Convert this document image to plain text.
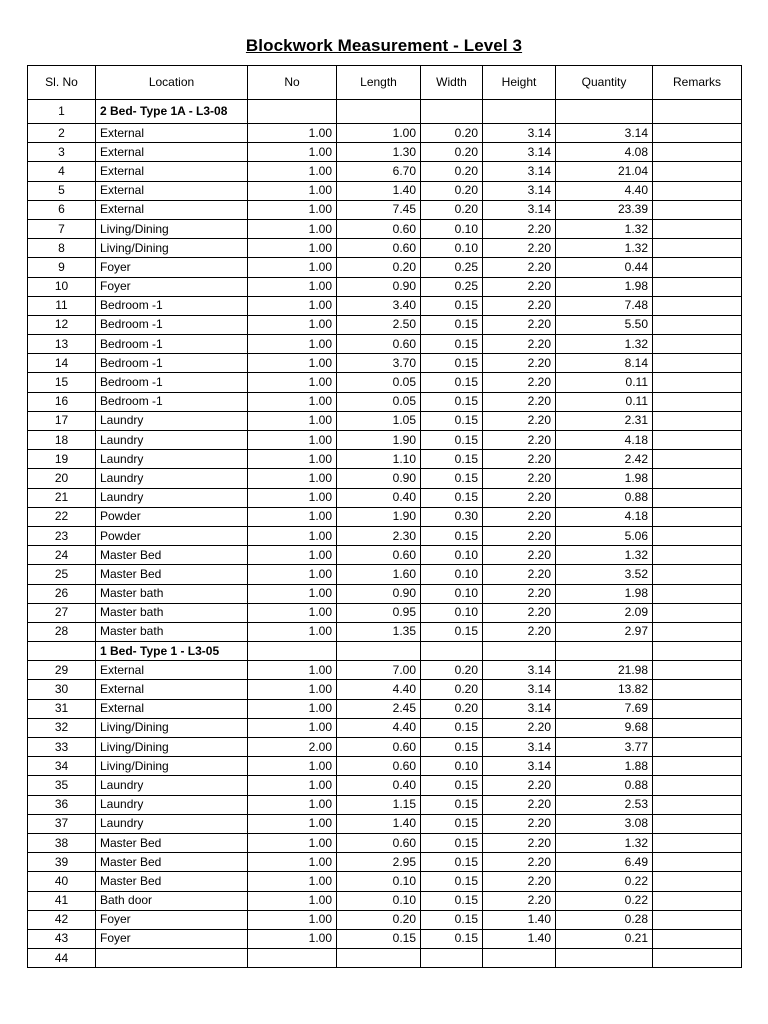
Blockwork Measurement - Level 3
Sl. No	Location	No	Length	Width	Height	Quantity	Remarks
1	2 Bed- Type 1A - L3-08						
2	External	1.00	1.00	0.20	3.14	3.14	
3	External	1.00	1.30	0.20	3.14	4.08	
4	External	1.00	6.70	0.20	3.14	21.04	
5	External	1.00	1.40	0.20	3.14	4.40	
6	External	1.00	7.45	0.20	3.14	23.39	
7	Living/Dining	1.00	0.60	0.10	2.20	1.32	
8	Living/Dining	1.00	0.60	0.10	2.20	1.32	
9	Foyer	1.00	0.20	0.25	2.20	0.44	
10	Foyer	1.00	0.90	0.25	2.20	1.98	
11	Bedroom -1	1.00	3.40	0.15	2.20	7.48	
12	Bedroom -1	1.00	2.50	0.15	2.20	5.50	
13	Bedroom -1	1.00	0.60	0.15	2.20	1.32	
14	Bedroom -1	1.00	3.70	0.15	2.20	8.14	
15	Bedroom -1	1.00	0.05	0.15	2.20	0.11	
16	Bedroom -1	1.00	0.05	0.15	2.20	0.11	
17	Laundry	1.00	1.05	0.15	2.20	2.31	
18	Laundry	1.00	1.90	0.15	2.20	4.18	
19	Laundry	1.00	1.10	0.15	2.20	2.42	
20	Laundry	1.00	0.90	0.15	2.20	1.98	
21	Laundry	1.00	0.40	0.15	2.20	0.88	
22	Powder	1.00	1.90	0.30	2.20	4.18	
23	Powder	1.00	2.30	0.15	2.20	5.06	
24	Master Bed	1.00	0.60	0.10	2.20	1.32	
25	Master Bed	1.00	1.60	0.10	2.20	3.52	
26	Master bath	1.00	0.90	0.10	2.20	1.98	
27	Master bath	1.00	0.95	0.10	2.20	2.09	
28	Master bath	1.00	1.35	0.15	2.20	2.97	
	1 Bed- Type 1 - L3-05						
29	External	1.00	7.00	0.20	3.14	21.98	
30	External	1.00	4.40	0.20	3.14	13.82	
31	External	1.00	2.45	0.20	3.14	7.69	
32	Living/Dining	1.00	4.40	0.15	2.20	9.68	
33	Living/Dining	2.00	0.60	0.15	3.14	3.77	
34	Living/Dining	1.00	0.60	0.10	3.14	1.88	
35	Laundry	1.00	0.40	0.15	2.20	0.88	
36	Laundry	1.00	1.15	0.15	2.20	2.53	
37	Laundry	1.00	1.40	0.15	2.20	3.08	
38	Master Bed	1.00	0.60	0.15	2.20	1.32	
39	Master Bed	1.00	2.95	0.15	2.20	6.49	
40	Master Bed	1.00	0.10	0.15	2.20	0.22	
41	Bath door	1.00	0.10	0.15	2.20	0.22	
42	Foyer	1.00	0.20	0.15	1.40	0.28	
43	Foyer	1.00	0.15	0.15	1.40	0.21	
44							
